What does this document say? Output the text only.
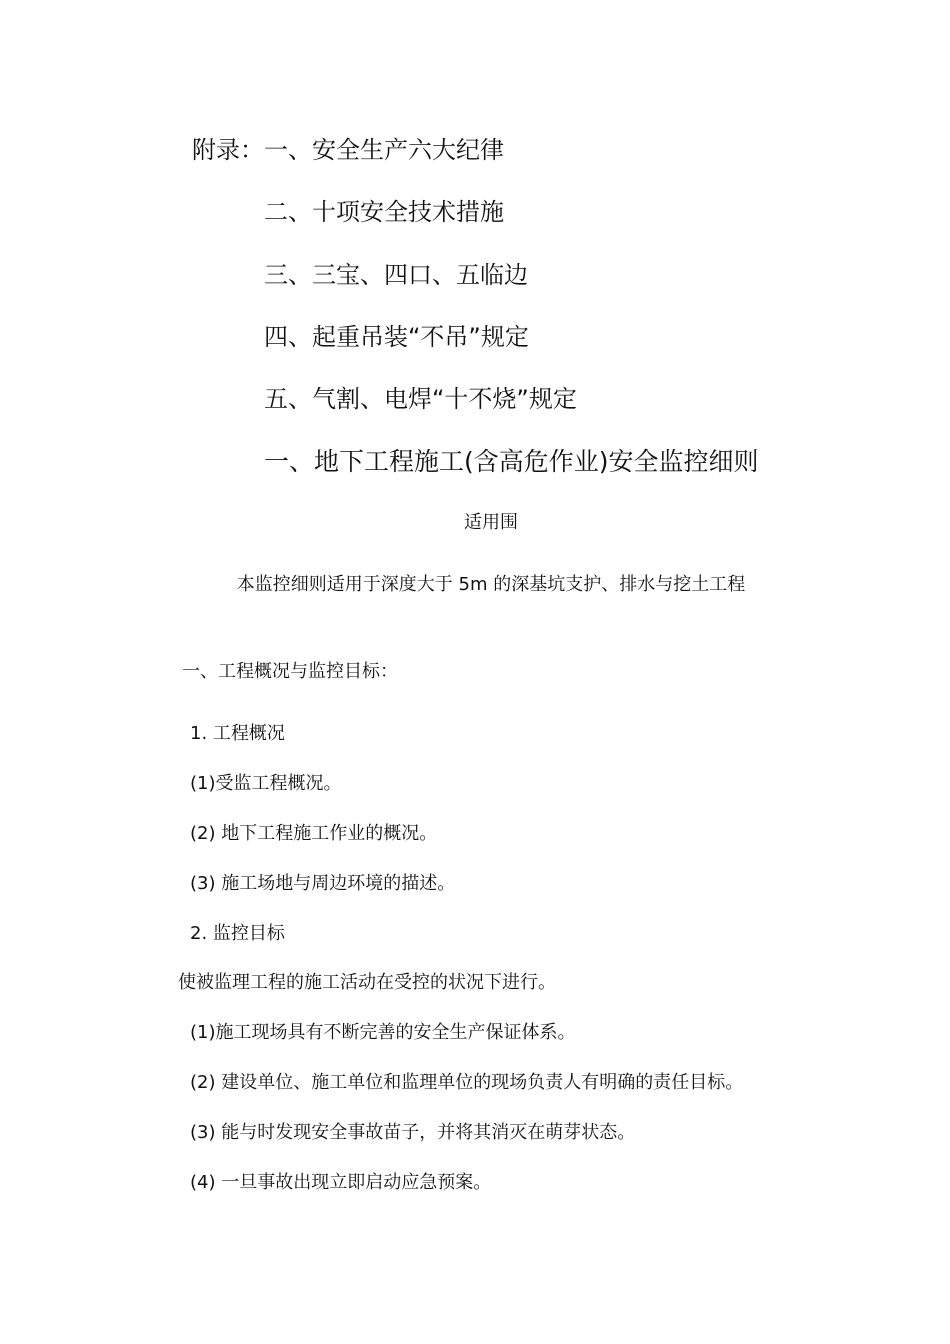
附录：一、安全生产六大纪律
二、十项安全技术措施
三、三宝、四口、五临边
四、起重吊装“不吊”规定
五、气割、电焊“十不烧”规定
一、地下工程施工(含高危作业)安全监控细则
适用围
本监控细则适用于深度大于 5m 的深基坑支护、排水与挖土工程
一、工程概况与监控目标：
1. 工程概况
(1)受监工程概况。
(2) 地下工程施工作业的概况。
(3) 施工场地与周边环境的描述。
2. 监控目标
使被监理工程的施工活动在受控的状况下进行。
(1)施工现场具有不断完善的安全生产保证体系。
(2) 建设单位、施工单位和监理单位的现场负责人有明确的责任目标。
(3) 能与时发现安全事故苗子，并将其消灭在萌芽状态。
(4) 一旦事故出现立即启动应急预案。
